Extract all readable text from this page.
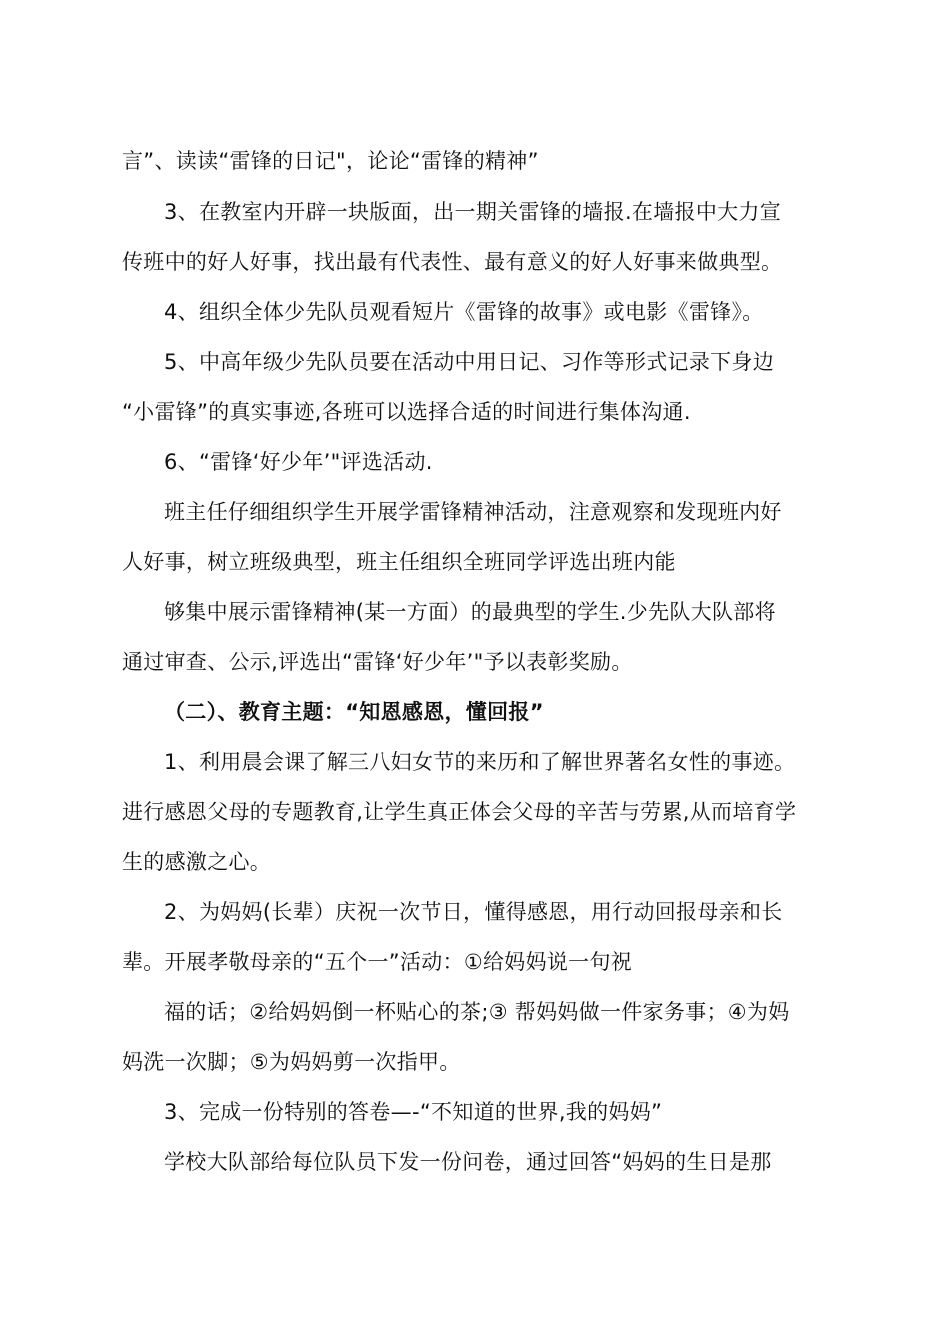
言”、读读“雷锋的日记"，论论“雷锋的精神”
3、在教室内开辟一块版面，出一期关雷锋的墙报.在墙报中大力宣
传班中的好人好事，找出最有代表性、最有意义的好人好事来做典型。
4、组织全体少先队员观看短片《雷锋的故事》或电影《雷锋》。
5、中高年级少先队员要在活动中用日记、习作等形式记录下身边
“小雷锋”的真实事迹,各班可以选择合适的时间进行集体沟通.
6、“雷锋‘好少年’"评选活动.
班主任仔细组织学生开展学雷锋精神活动，注意观察和发现班内好
人好事，树立班级典型，班主任组织全班同学评选出班内能
够集中展示雷锋精神(某一方面）的最典型的学生.少先队大队部将
通过审查、公示,评选出“雷锋‘好少年’"予以表彰奖励。
（二）、教育主题：“知恩感恩，懂回报”
1、利用晨会课了解三八妇女节的来历和了解世界著名女性的事迹。
进行感恩父母的专题教育,让学生真正体会父母的辛苦与劳累,从而培育学
生的感激之心。
2、为妈妈(长辈）庆祝一次节日，懂得感恩，用行动回报母亲和长
辈。开展孝敬母亲的“五个一”活动：①给妈妈说一句祝
福的话；②给妈妈倒一杯贴心的茶;③ 帮妈妈做一件家务事；④为妈
妈洗一次脚；⑤为妈妈剪一次指甲。
3、完成一份特别的答卷—-“不知道的世界,我的妈妈”
学校大队部给每位队员下发一份问卷，通过回答“妈妈的生日是那
